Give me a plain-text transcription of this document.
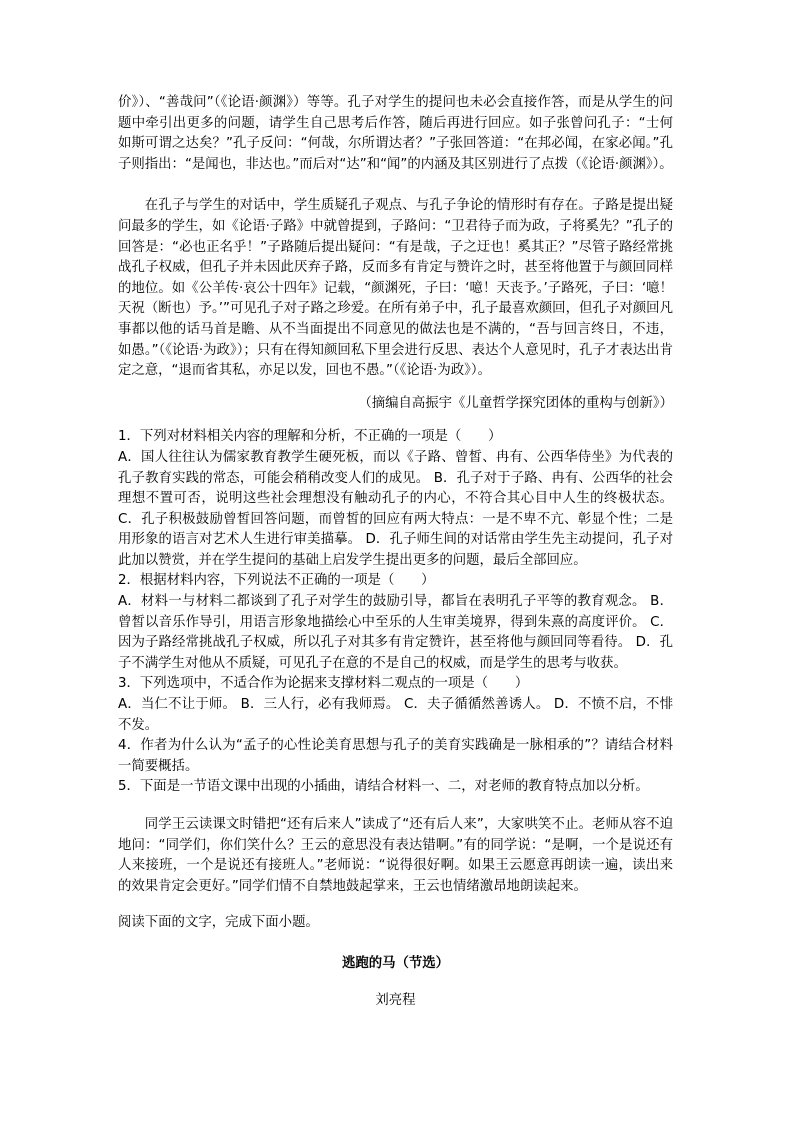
价》）、“善哉问”（《论语·颜渊》）等等。孔子对学生的提问也未必会直接作答，而是从学生的问题中牵引出更多的问题，请学生自己思考后作答，随后再进行回应。如子张曾问孔子：“士何如斯可谓之达矣？”孔子反问：“何哉，尔所谓达者？”子张回答道：“在邦必闻，在家必闻。”孔子则指出：“是闻也，非达也。”而后对“达”和“闻”的内涵及其区别进行了点拨（《论语·颜渊》）。

在孔子与学生的对话中，学生质疑孔子观点、与孔子争论的情形时有存在。子路是提出疑问最多的学生，如《论语·子路》中就曾提到，子路问：“卫君待子而为政，子将奚先？”孔子的回答是：“必也正名乎！”子路随后提出疑问：“有是哉，子之迂也！奚其正？”尽管子路经常挑战孔子权威，但孔子并未因此厌弃子路，反而多有肯定与赞许之时，甚至将他置于与颜回同样的地位。如《公羊传·哀公十四年》记载，“颜渊死，子曰：‘噫！天丧予。’子路死，子曰：‘噫！天祝（断也）予。’”可见孔子对子路之珍爱。在所有弟子中，孔子最喜欢颜回，但孔子对颜回凡事都以他的话马首是瞻、从不当面提出不同意见的做法也是不满的，“吾与回言终日，不违，如愚。”（《论语·为政》）；只有在得知颜回私下里会进行反思、表达个人意见时，孔子才表达出肯定之意，“退而省其私，亦足以发，回也不愚。”（《论语·为政》）。

（摘编自高振宇《儿童哲学探究团体的重构与创新》）

1．下列对材料相关内容的理解和分析，不正确的一项是（　　）

A．国人往往认为儒家教育教学生硬死板，而以《子路、曾皙、冉有、公西华侍坐》为代表的孔子教育实践的常态，可能会稍稍改变人们的成见。 B．孔子对于子路、冉有、公西华的社会理想不置可否，说明这些社会理想没有触动孔子的内心，不符合其心目中人生的终极状态。 C．孔子积极鼓励曾皙回答问题，而曾皙的回应有两大特点：一是不卑不亢、彰显个性；二是用形象的语言对艺术人生进行审美描摹。 D．孔子师生间的对话常由学生先主动提问，孔子对此加以赞赏，并在学生提问的基础上启发学生提出更多的问题，最后全部回应。

2．根据材料内容，下列说法不正确的一项是（　　）

A．材料一与材料二都谈到了孔子对学生的鼓励引导，都旨在表明孔子平等的教育观念。 B．曾皙以音乐作导引，用语言形象地描绘心中至乐的人生审美境界，得到朱熹的高度评价。 C．因为子路经常挑战孔子权威，所以孔子对其多有肯定赞许，甚至将他与颜回同等看待。 D．孔子不满学生对他从不质疑，可见孔子在意的不是自己的权威，而是学生的思考与收获。

3．下列选项中，不适合作为论据来支撑材料二观点的一项是（　　）

A．当仁不让于师。 B．三人行，必有我师焉。 C．夫子循循然善诱人。 D．不愤不启，不悱不发。

4．作者为什么认为“孟子的心性论美育思想与孔子的美育实践确是一脉相承的”？请结合材料一简要概括。

5．下面是一节语文课中出现的小插曲，请结合材料一、二，对老师的教育特点加以分析。

同学王云读课文时错把“还有后来人”读成了“还有后人来”，大家哄笑不止。老师从容不迫地问：“同学们，你们笑什么？王云的意思没有表达错啊。”有的同学说：“是啊，一个是说还有人来接班，一个是说还有接班人。”老师说：“说得很好啊。如果王云愿意再朗读一遍，读出来的效果肯定会更好。”同学们情不自禁地鼓起掌来，王云也情绪激昂地朗读起来。

阅读下面的文字，完成下面小题。

逃跑的马（节选）

刘亮程
